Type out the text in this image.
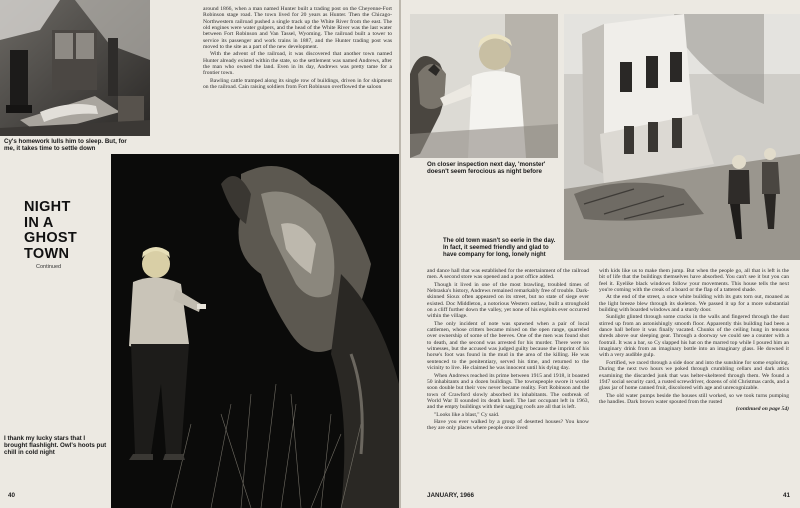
Cy's homework lulls him to sleep. But, for me, it takes time to settle down

around 1866, when a man named Hunter built a trading post on the Cheyenne-Fort Robinson stage road. The town lived for 20 years as Hunter. Then the Chicago-Northwestern railroad pushed a single track up the White River from the east. The old engines were water gulpers, and the head of the White River was the last water between Fort Robinson and Van Tassel, Wyoming. The railroad built a tower to service its passenger and work trains in 1887, and the Hunter trading post was moved to the site as a part of the new development.

With the advent of the railroad, it was discovered that another town named Hunter already existed within the state, so the settlement was named Andrews, after the man who owned the land. Even in its day, Andrews was pretty tame for a frontier town.

Bawling cattle tramped along its single row of buildings, driven in for shipment on the railroad. Cain raising soldiers from Fort Robinson overflowed the saloon

NIGHT
IN A
GHOST
TOWN
Continued
I thank my lucky stars that I brought flashlight. Owl's hoots put chill in cold night
40
On closer inspection next day, 'monster' doesn't seem ferocious as night before
The old town wasn't so eerie in the day. In fact, it seemed friendly and glad to have company for long, lonely night

and dance hall that was established for the entertainment of the railroad men. A second store was opened and a post office added.

Though it lived in one of the most brawling, troubled times of Nebraska's history, Andrews remained remarkably free of trouble. Dark-skinned Sioux often appeared on its street, but no state of siege ever existed. Doc Middleton, a notorious Western outlaw, built a stronghold on a cliff further down the valley, yet none of his exploits ever occurred within the village.

The only incident of note was spawned when a pair of local cattlemen, whose critters became mixed on the open range, quarreled over ownership of some of the beeves. One of the men was found shot to death, and the second was arrested for his murder. There were no witnesses, but the accused was judged guilty because the imprint of his horse's foot was found in the mud in the area of the killing. He was sentenced to the penitentiary, served his time, and returned to the vicinity to live. He claimed he was innocent until his dying day.

When Andrews reached its prime between 1915 and 1918, it boasted 50 inhabitants and a dozen buildings. The townspeople swore it would soon double but their vow never became reality. Fort Robinson and the town of Crawford slowly absorbed its inhabitants. The outbreak of World War II sounded its death knell. The last occupant left in 1963, and the empty buildings with their sagging roofs are all that is left.

"Looks like a blast," Cy said.

Have you ever walked by a group of deserted houses? You know they are only places where people once lived

with kids like us to make them jump. But when the people go, all that is left is the bit of life that the buildings themselves have absorbed. You can't see it but you can feel it. Eyelike black windows follow your movements. This house tells the next you're coming with the creak of a board or the flap of a tattered shade.

At the end of the street, a once white building with its guts torn out, moaned as the light breeze blew through its skeleton. We passed it up for a more substantial building with boarded windows and a sturdy door.

Sunlight glinted through some cracks in the walls and fingered through the dust stirred up from an astonishingly smooth floor. Apparently this building had been a dance hall before it was finally vacated. Chunks of the ceiling hung in tenuous shreds above our sleeping gear. Through a doorway we could see a counter with a footrail. It was a bar, so Cy slapped his hat on the marred top while I poured him an imaginary drink from an imaginary bottle into an imaginary glass. He downed it with a very audible gulp.

Fortified, we raced through a side door and into the sunshine for some exploring. During the next two hours we poked through crumbling cellars and dark attics examining the discarded junk that was helter-skeltered through them. We found a 1947 social security card, a rusted screwdriver, dozens of old Christmas cards, and a glass jar of home canned fruit, discolored with age and unrecognizable.

The old water pumps beside the houses still worked, so we took turns pumping the handles. Dark brown water spouted from the rusted

(continued on page 54)

JANUARY, 1966	41
